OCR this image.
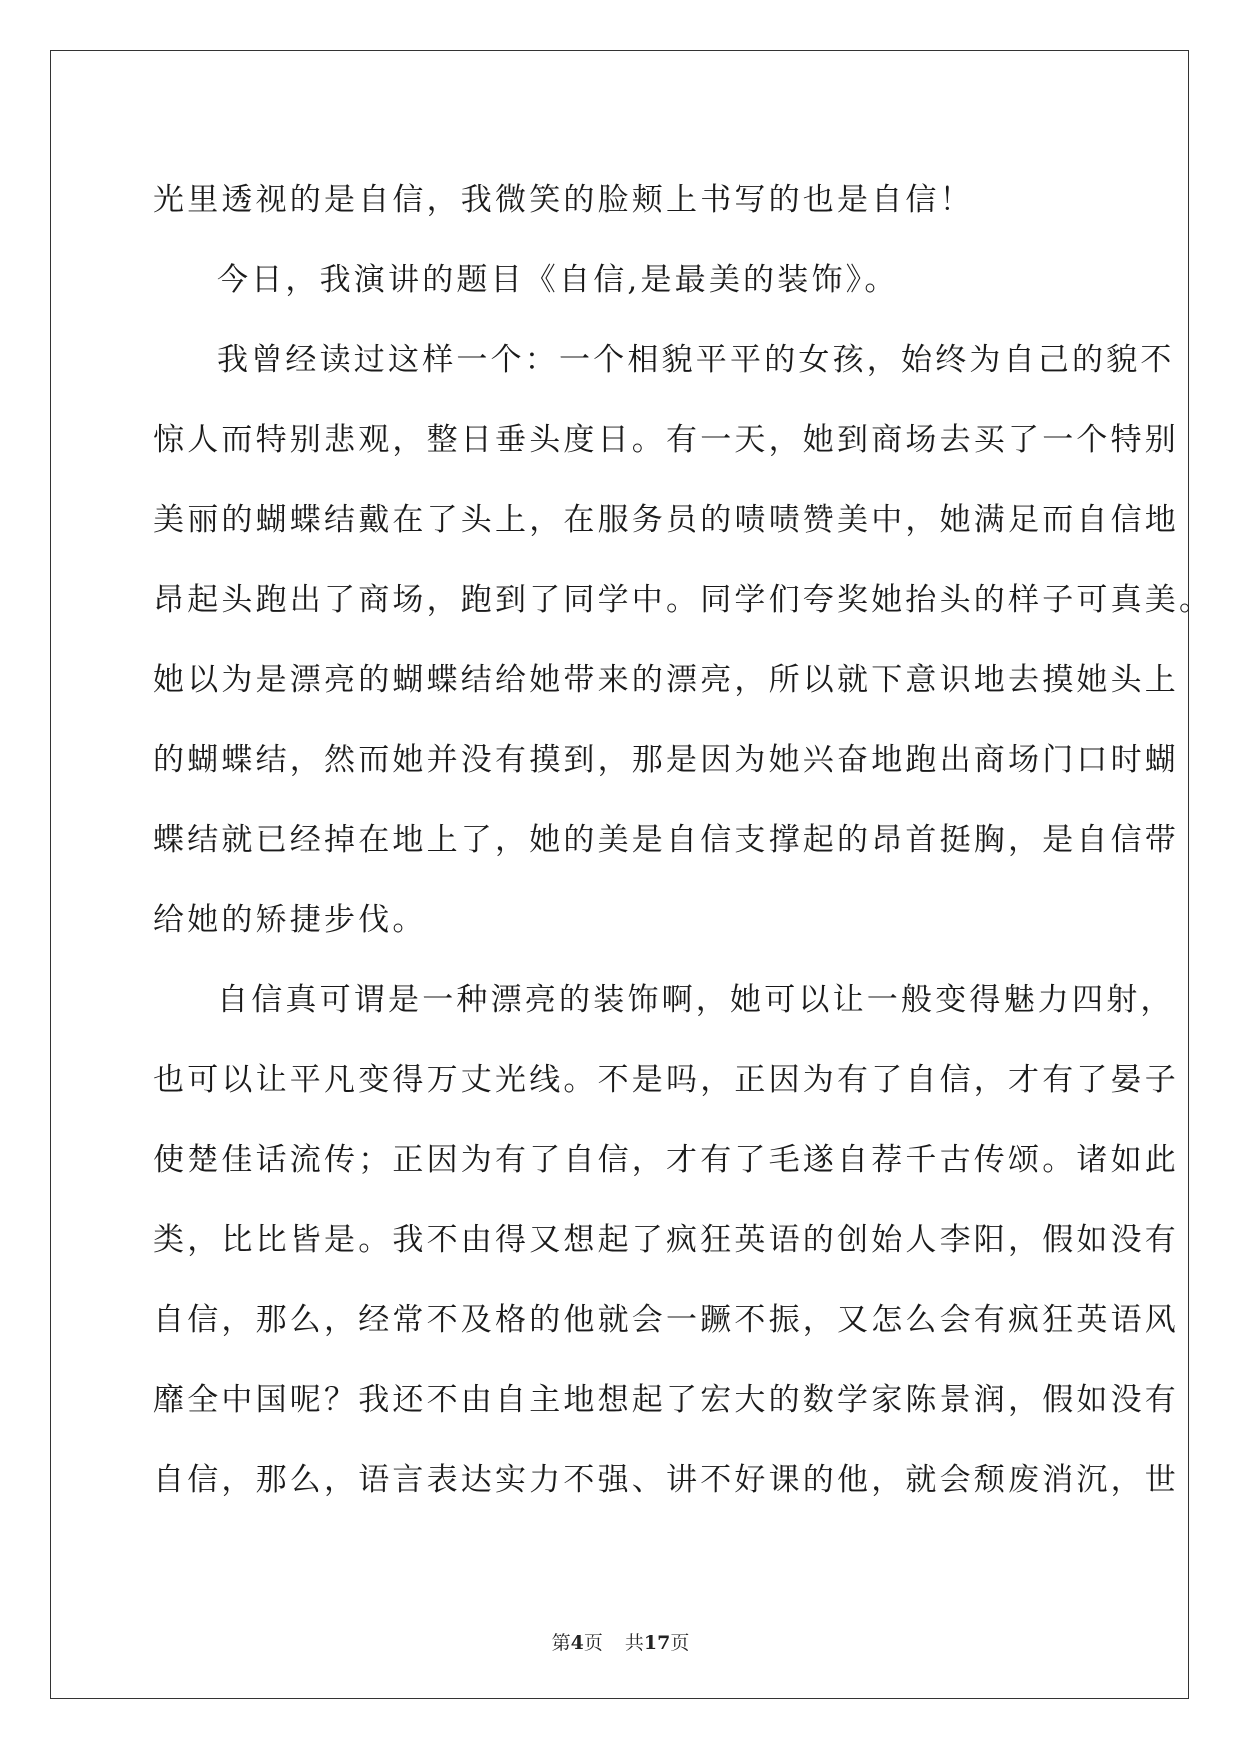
光里透视的是自信，我微笑的脸颊上书写的也是自信！
今日，我演讲的题目《自信,是最美的装饰》。
我曾经读过这样一个：一个相貌平平的女孩，始终为自己的貌不
惊人而特别悲观，整日垂头度日。有一天，她到商场去买了一个特别
美丽的蝴蝶结戴在了头上，在服务员的啧啧赞美中，她满足而自信地
昂起头跑出了商场，跑到了同学中。同学们夸奖她抬头的样子可真美。
她以为是漂亮的蝴蝶结给她带来的漂亮，所以就下意识地去摸她头上
的蝴蝶结，然而她并没有摸到，那是因为她兴奋地跑出商场门口时蝴
蝶结就已经掉在地上了，她的美是自信支撑起的昂首挺胸，是自信带
给她的矫捷步伐。
自信真可谓是一种漂亮的装饰啊，她可以让一般变得魅力四射，
也可以让平凡变得万丈光线。不是吗，正因为有了自信，才有了晏子
使楚佳话流传；正因为有了自信，才有了毛遂自荐千古传颂。诸如此
类，比比皆是。我不由得又想起了疯狂英语的创始人李阳，假如没有
自信，那么，经常不及格的他就会一蹶不振，又怎么会有疯狂英语风
靡全中国呢？我还不由自主地想起了宏大的数学家陈景润，假如没有
自信，那么，语言表达实力不强、讲不好课的他，就会颓废消沉，世
第4页 共17页
